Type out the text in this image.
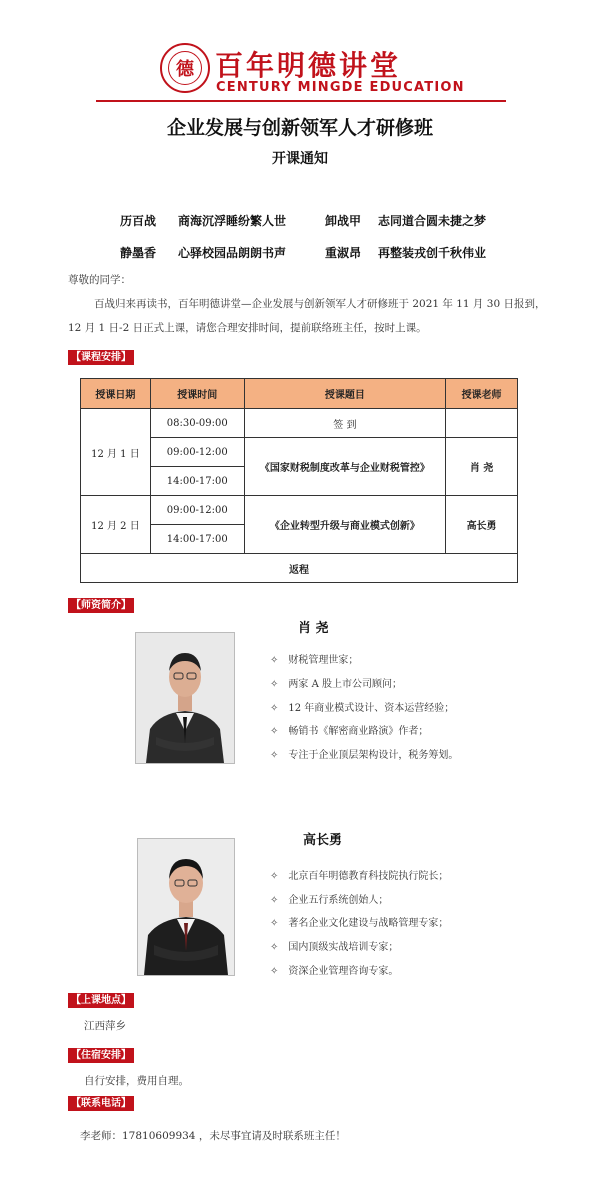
德 百年明德讲堂
CENTURY MINGDE EDUCATION
企业发展与创新领军人才研修班
开课通知
历百战 商海沉浮睡纷繁人世	卸战甲 志同道合圆未捷之梦
静墨香 心驿校园品朗朗书声	重淑昂 再整装戎创千秋伟业
尊敬的同学：
百战归来再读书，百年明德讲堂—企业发展与创新领军人才研修班于 2021 年 11 月 30 日报到，
12 月 1 日-2 日正式上课，请您合理安排时间，提前联络班主任，按时上课。
【课程安排】
授课日期	授课时间	授课题目	授课老师
12 月 1 日	08:30-09:00	签 到	
	09:00-12:00	《国家财税制度改革与企业财税管控》	肖 尧
	14:00-17:00		
12 月 2 日	09:00-12:00	《企业转型升级与商业模式创新》	高长勇
	14:00-17:00		
返程			
【师资简介】
肖 尧
✧ 财税管理世家；
✧ 两家 A 股上市公司顾问；
✧ 12 年商业模式设计、资本运营经验；
✧ 畅销书《解密商业路演》作者；
✧ 专注于企业顶层架构设计，税务筹划。
高长勇
✧ 北京百年明德教育科技院执行院长；
✧ 企业五行系统创始人；
✧ 著名企业文化建设与战略管理专家；
✧ 国内顶级实战培训专家；
✧ 资深企业管理咨询专家。
【上课地点】
江西萍乡
【住宿安排】
自行安排，费用自理。
【联系电话】
李老师：17810609934 ，未尽事宜请及时联系班主任！
